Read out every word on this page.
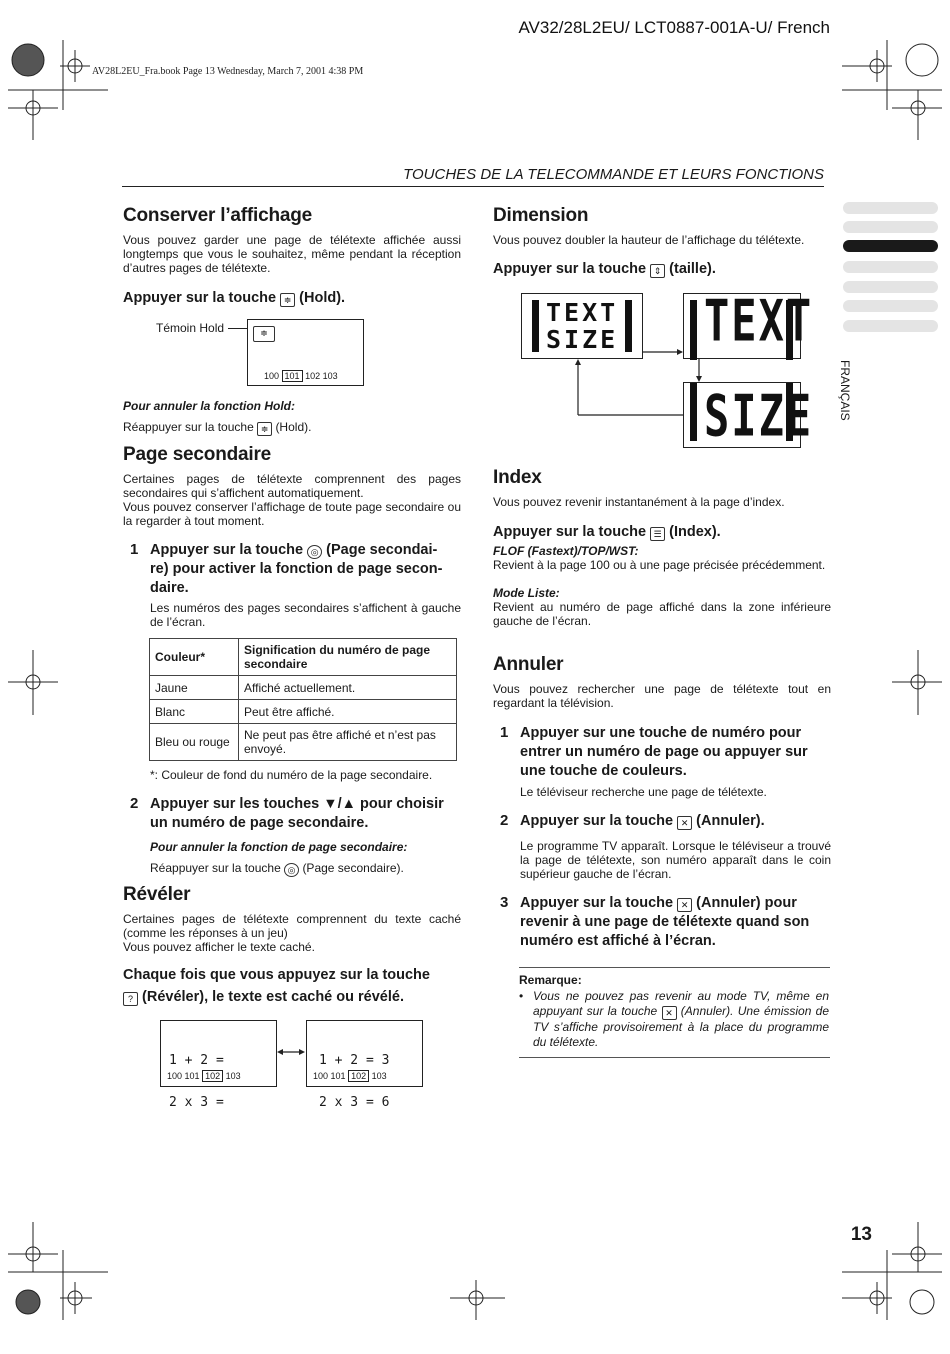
AV32/28L2EU/ LCT0887-001A-U/ French
AV28L2EU_Fra.book Page 13 Wednesday, March 7, 2001 4:38 PM
TOUCHES DE LA TELECOMMANDE ET LEURS FONCTIONS
FRANÇAIS
Conserver l’affichage

Vous pouvez garder une page de télétexte affichée aussi longtemps que vous le souhaitez, même pendant la réception d’autres pages de télétexte.

Appuyer sur la touche ≑ (Hold).
Témoin Hold	≑
100 101 102 103
Pour annuler la fonction Hold:

Réappuyer sur la touche ≑ (Hold).

Page secondaire

Certaines pages de télétexte comprennent des pages secondaires qui s’affichent automatiquement.

Vous pouvez conserver l’affichage de toute page secondaire ou la regarder à tout moment.

1 Appuyer sur la touche ◎ (Page secondai-
re) pour activer la fonction de page secon-
daire.

Les numéros des pages secondaires s’affichent à gauche de l’écran.

Couleur*	Signification du numéro de page secondaire
Jaune	Affiché actuellement.
Blanc	Peut être affiché.
Bleu ou rouge	Ne peut pas être affiché et n’est pas envoyé.

*: Couleur de fond du numéro de la page secondaire.

2 Appuyer sur les touches ▼/▲ pour choisir
un numéro de page secondaire.
Pour annuler la fonction de page secondaire:

Réappuyer sur la touche ◎ (Page secondaire).

Révéler

Certaines pages de télétexte comprennent du texte caché (comme les réponses à un jeu)

Vous pouvez afficher le texte caché.

Chaque fois que vous appuyez sur la touche
? (Révéler), le texte est caché ou révélé.

1 + 2 =

2 x 3 =

100 101 102 103

1 + 2 = 3

2 x 3 = 6

100 101 102 103
Dimension

Vous pouvez doubler la hauteur de l’affichage du télétexte.

Appuyer sur la touche ⇕ (taille).
TEXT
SIZE TEXT
SIZE
Index

Vous pouvez revenir instantanément à la page d’index.

Appuyer sur la touche ☰ (Index).
FLOF (Fastext)/TOP/WST:

Revient à la page 100 ou à une page précisée précédemment.

Mode Liste:

Revient au numéro de page affiché dans la zone inférieure gauche de l’écran.

Annuler

Vous pouvez rechercher une page de télétexte tout en regardant la télévision.

1 Appuyer sur une touche de numéro pour
entrer un numéro de page ou appuyer sur
une touche de couleurs.

Le téléviseur recherche une page de télétexte.

2 Appuyer sur la touche ✕ (Annuler).

Le programme TV apparaît. Lorsque le téléviseur a trouvé la page de télétexte, son numéro apparaît dans le coin supérieur gauche de l’écran.

3 Appuyer sur la touche ✕ (Annuler) pour
revenir à une page de télétexte quand son
numéro est affiché à l’écran.
Remarque:
• Vous ne pouvez pas revenir au mode TV, même en appuyant sur la touche ✕ (Annuler). Une émission de TV s’affiche provisoirement à la place du programme du télétexte.

13
